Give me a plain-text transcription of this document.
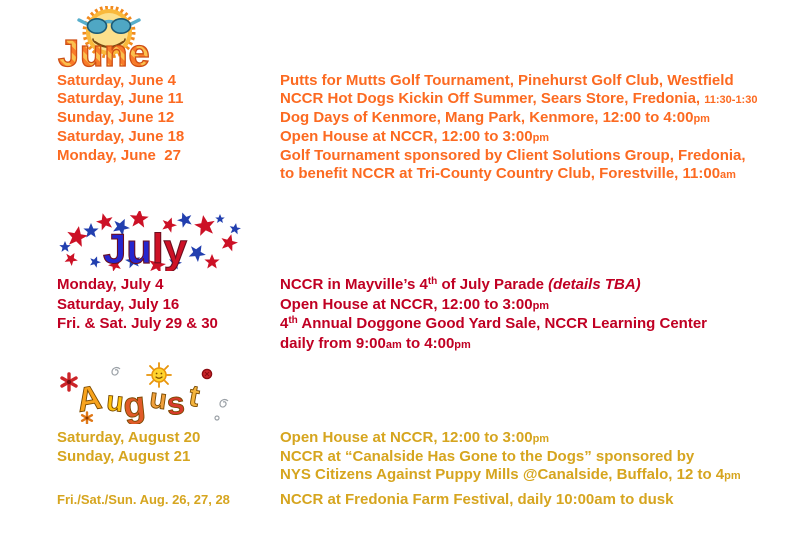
June
Saturday, June 4	Putts for Mutts Golf Tournament, Pinehurst Golf Club, Westfield
Saturday, June 11	NCCR Hot Dogs Kickin Off Summer, Sears Store, Fredonia, 11:30-1:30
Sunday, June 12	Dog Days of Kenmore, Mang Park, Kenmore, 12:00 to 4:00pm
Saturday, June 18	Open House at NCCR, 12:00 to 3:00pm
Monday, June  27	Golf Tournament sponsored by Client Solutions Group, Fredonia,
to benefit NCCR at Tri-County Country Club, Forestville, 11:00am
July
Monday, July 4	NCCR in Mayville’s 4th of July Parade (details TBA)
Saturday, July 16	Open House at NCCR, 12:00 to 3:00pm
Fri. & Sat. July 29 & 30	4th Annual Doggone Good Yard Sale, NCCR Learning Center
daily from 9:00am to 4:00pm
August
Saturday, August 20	Open House at NCCR, 12:00 to 3:00pm
Sunday, August 21	NCCR at “Canalside Has Gone to the Dogs” sponsored by
NYS Citizens Against Puppy Mills @Canalside, Buffalo, 12 to 4pm
Fri./Sat./Sun. Aug. 26, 27, 28	NCCR at Fredonia Farm Festival, daily 10:00am to dusk
